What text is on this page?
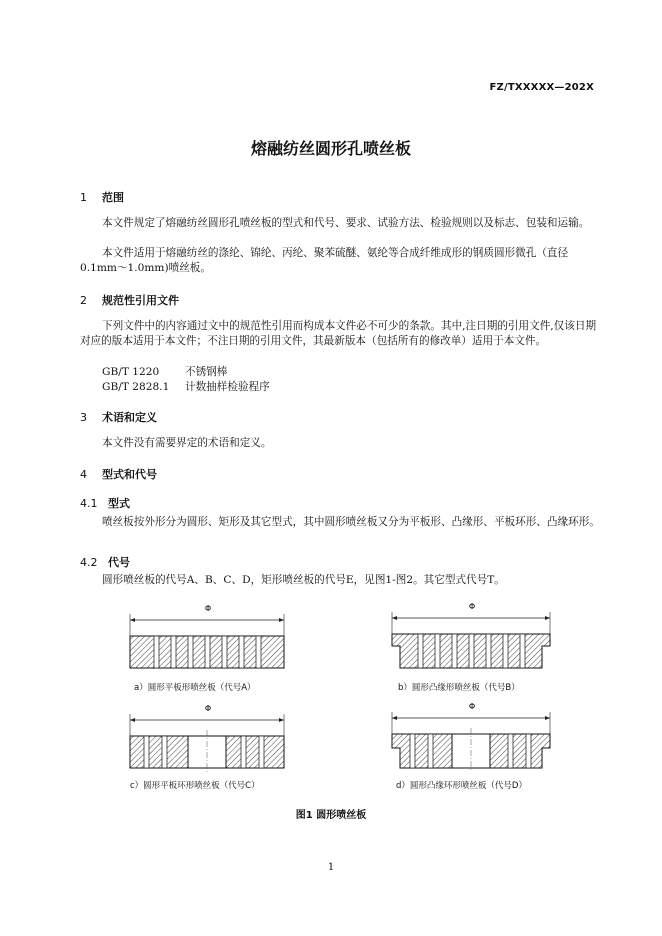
FZ/TXXXXX—202X
熔融纺丝圆形孔喷丝板
1 范围
本文件规定了熔融纺丝圆形孔喷丝板的型式和代号、要求、试验方法、检验规则以及标志、包装和运输。
本文件适用于熔融纺丝的涤纶、锦纶、丙纶、聚苯硫醚、氨纶等合成纤维成形的钢质圆形微孔（直径 0.1mm～1.0mm)喷丝板。
2 规范性引用文件
下列文件中的内容通过文中的规范性引用而构成本文件必不可少的条款。其中,注日期的引用文件,仅该日期对应的版本适用于本文件；不注日期的引用文件，其最新版本（包括所有的修改单）适用于本文件。
GB/T 1220 不锈钢棒
GB/T 2828.1 计数抽样检验程序
3 术语和定义
本文件没有需要界定的术语和定义。
4 型式和代号
4.1 型式
喷丝板按外形分为圆形、矩形及其它型式，其中圆形喷丝板又分为平板形、凸缘形、平板环形、凸缘环形。
4.2 代号
圆形喷丝板的代号A、B、C、D，矩形喷丝板的代号E，见图1-图2。其它型式代号T。
Φ
a）圆形平板形喷丝板（代号A）
Φ
b）圆形凸缘形喷丝板（代号B）
Φ
c）圆形平板环形喷丝板（代号C）
Φ
d）圆形凸缘环形喷丝板（代号D）
图1 圆形喷丝板
1
